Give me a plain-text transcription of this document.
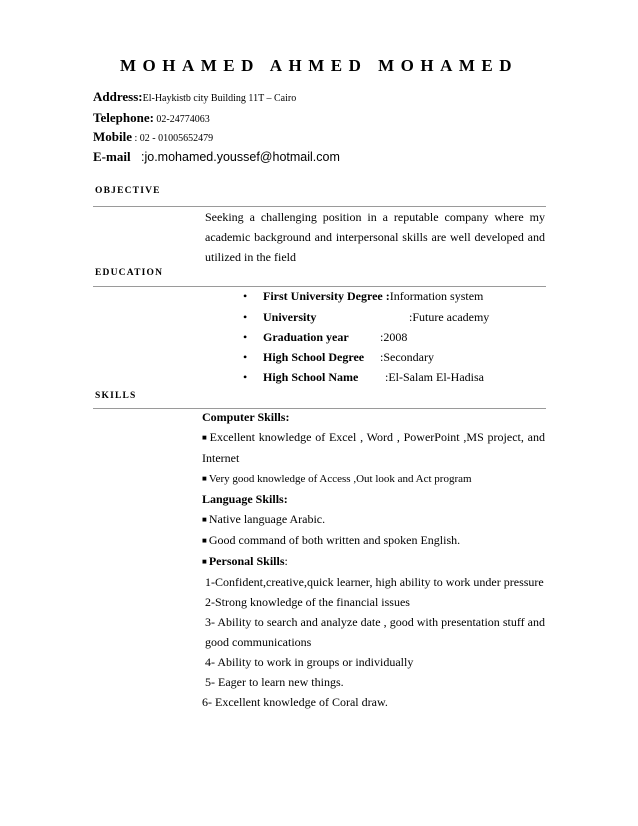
MOHAMED AHMED MOHAMED
Address:El-Haykistb city Building 11T – Cairo
Telephone: 02-24774063
Mobile : 02 - 01005652479
E-mail :jo.mohamed.youssef@hotmail.com
OBJECTIVE
Seeking a challenging position in a reputable company where my academic background and interpersonal skills are well developed and utilized in the field
EDUCATION
• First University Degree :Information system
• University	:Future academy
• Graduation year	:2008
• High School Degree :Secondary
• High School Name :El-Salam El-Hadisa
SKILLS
Computer Skills:
■ Excellent knowledge of Excel , Word , PowerPoint ,MS project, and Internet
■ Very good knowledge of Access ,Out look and Act program
Language Skills:
■ Native language Arabic.
■ Good command of both written and spoken English.
■ Personal Skills:
1-Confident,creative,quick learner, high ability to work under pressure
2-Strong knowledge of the financial issues
3- Ability to search and analyze date , good with presentation stuff and good communications
4- Ability to work in groups or individually
5- Eager to learn new things.
6- Excellent knowledge of Coral draw.
